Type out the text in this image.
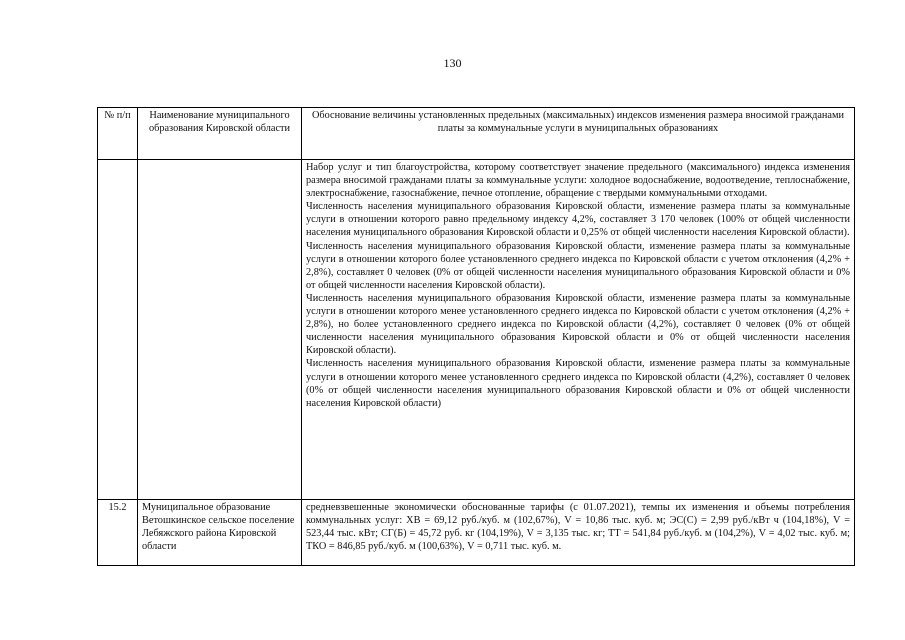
130
№ п/п	Наименование муниципального образования Кировской области	Обоснование величины установленных предельных (максимальных) индексов изменения размера вносимой гражданами платы за коммунальные услуги в муниципальных образованиях

		Набор услуг и тип благоустройства, которому соответствует значение предельного (максимального) индекса изменения размера вносимой гражданами платы за коммунальные услуги: холодное водоснабжение, водоотведение, теплоснабжение, электроснабжение, газоснабжение, печное отопление, обращение с твердыми коммунальными отходами.

Численность населения муниципального образования Кировской области, изменение размера платы за коммунальные услуги в отношении которого равно предельному индексу 4,2%, составляет 3 170 человек (100% от общей численности населения муниципального образования Кировской области и 0,25% от общей численности населения Кировской области).

Численность населения муниципального образования Кировской области, изменение размера платы за коммунальные услуги в отношении которого более установленного среднего индекса по Кировской области с учетом отклонения (4,2% + 2,8%), составляет 0 человек (0% от общей численности населения муниципального образования Кировской области и 0% от общей численности населения Кировской области).

Численность населения муниципального образования Кировской области, изменение размера платы за коммунальные услуги в отношении которого менее установленного среднего индекса по Кировской области с учетом отклонения (4,2% + 2,8%), но более установленного среднего индекса по Кировской области (4,2%), составляет 0 человек (0% от общей численности населения муниципального образования Кировской области и 0% от общей численности населения Кировской области).

Численность населения муниципального образования Кировской области, изменение размера платы за коммунальные услуги в отношении которого менее установленного среднего индекса по Кировской области (4,2%), составляет 0 человек (0% от общей численности населения муниципального образования Кировской области и 0% от общей численности населения Кировской области)

15.2	Муниципальное образование Ветошкинское сельское поселение Лебяжского района Кировской области	средневзвешенные экономически обоснованные тарифы (с 01.07.2021), темпы их изменения и объемы потребления коммунальных услуг: ХВ = 69,12 руб./куб. м (102,67%), V = 10,86 тыс. куб. м; ЭС(С) = 2,99 руб./кВт ч (104,18%), V = 523,44 тыс. кВт; СГ(Б) = 45,72 руб. кг (104,19%), V = 3,135 тыс. кг; ТТ = 541,84 руб./куб. м (104,2%), V = 4,02 тыс. куб. м; ТКО = 846,85 руб./куб. м (100,63%), V = 0,711 тыс. куб. м.
